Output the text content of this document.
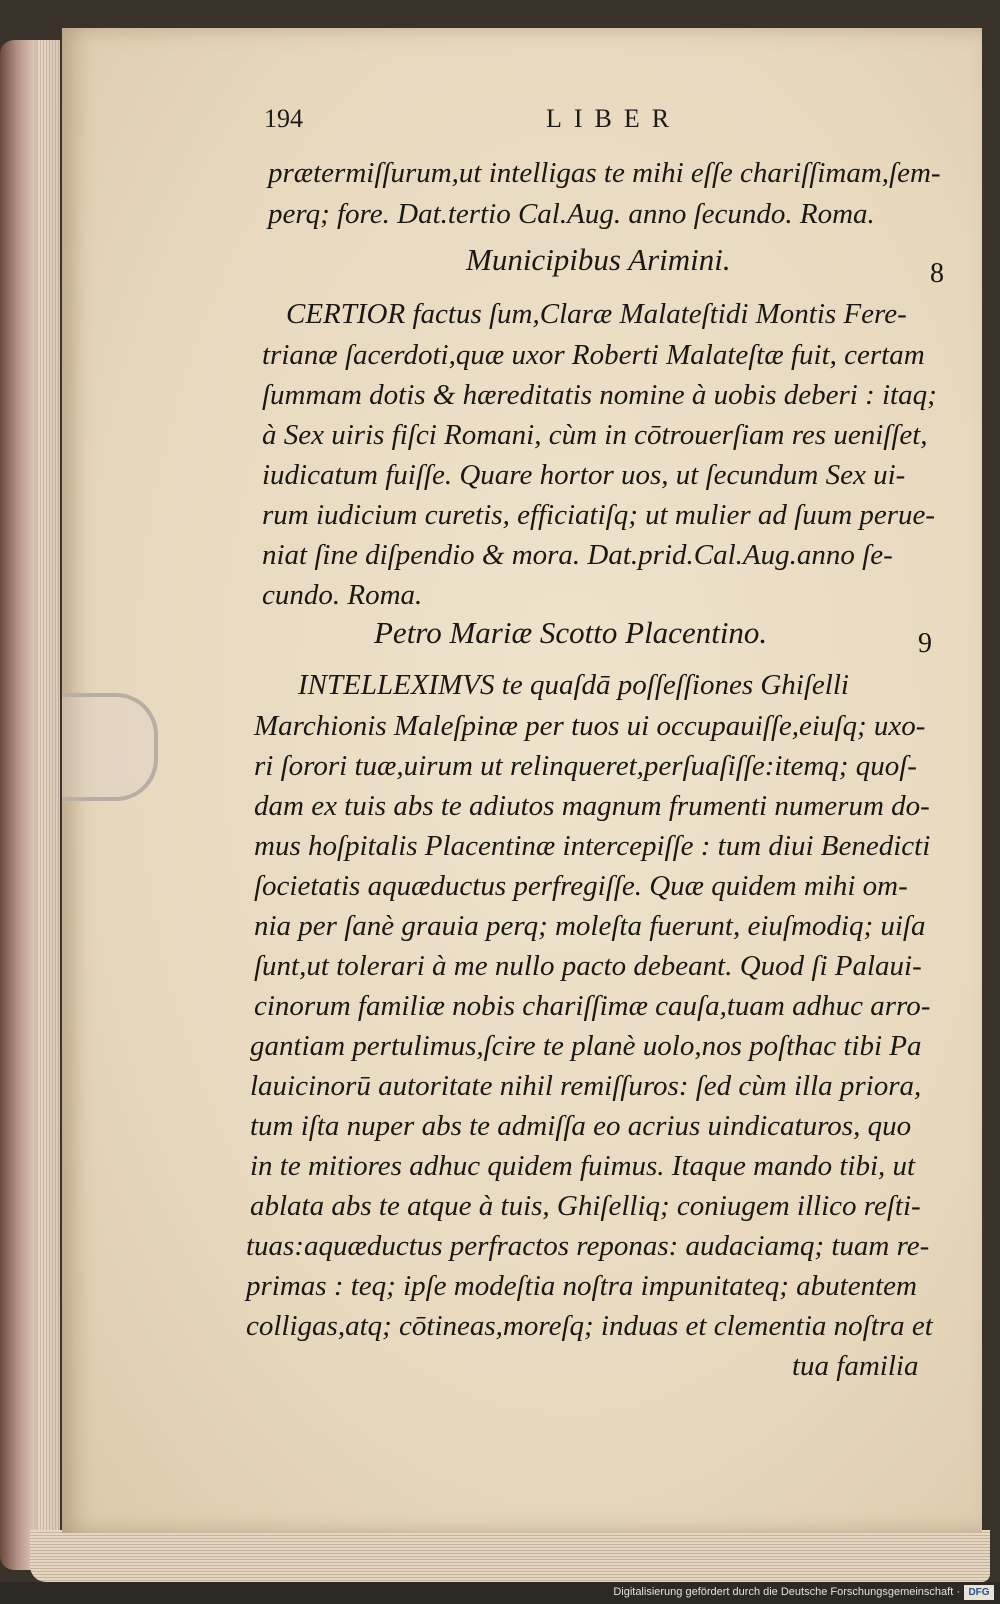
194	LIBER
prætermiſſurum,ut intelligas te mihi eſſe chariſſimam,ſem-
perq; fore. Dat.tertio Cal.Aug. anno ſecundo. Roma.
Municipibus Arimini.	8
CERTIOR factus ſum,Claræ Malateſtidi Montis Fere-
trianæ ſacerdoti,quæ uxor Roberti Malateſtæ fuit, certam
ſummam dotis & hæreditatis nomine à uobis deberi : itaq;
à Sex uiris fiſci Romani, cùm in cōtrouerſiam res ueniſſet,
iudicatum fuiſſe. Quare hortor uos, ut ſecundum Sex ui-
rum iudicium curetis, efficiatiſq; ut mulier ad ſuum perue-
niat ſine diſpendio & mora. Dat.prid.Cal.Aug.anno ſe-
cundo. Roma.
Petro Mariæ Scotto Placentino.	9
INTELLEXIMVS te quaſdā poſſeſſiones Ghiſelli
Marchionis Maleſpinæ per tuos ui occupauiſſe,eiuſq; uxo-
ri ſorori tuæ,uirum ut relinqueret,perſuaſiſſe:itemq; quoſ-
dam ex tuis abs te adiutos magnum frumenti numerum do-
mus hoſpitalis Placentinæ intercepiſſe : tum diui Benedicti
ſocietatis aquæductus perfregiſſe. Quæ quidem mihi om-
nia per ſanè grauia perq; moleſta fuerunt, eiuſmodiq; uiſa
ſunt,ut tolerari à me nullo pacto debeant. Quod ſi Palaui-
cinorum familiæ nobis chariſſimæ cauſa,tuam adhuc arro-
gantiam pertulimus,ſcire te planè uolo,nos poſthac tibi Pa
lauicinorū autoritate nihil remiſſuros: ſed cùm illa priora,
tum iſta nuper abs te admiſſa eo acrius uindicaturos, quo
in te mitiores adhuc quidem fuimus. Itaque mando tibi, ut
ablata abs te atque à tuis, Ghiſelliq; coniugem illico reſti-
tuas:aquæductus perfractos reponas: audaciamq; tuam re-
primas : teq; ipſe modeſtia noſtra impunitateq; abutentem
colligas,atq; cōtineas,moreſq; induas et clementia noſtra et
tua familia
Digitalisierung gefördert durch die Deutsche Forschungsgemeinschaft · DFG
